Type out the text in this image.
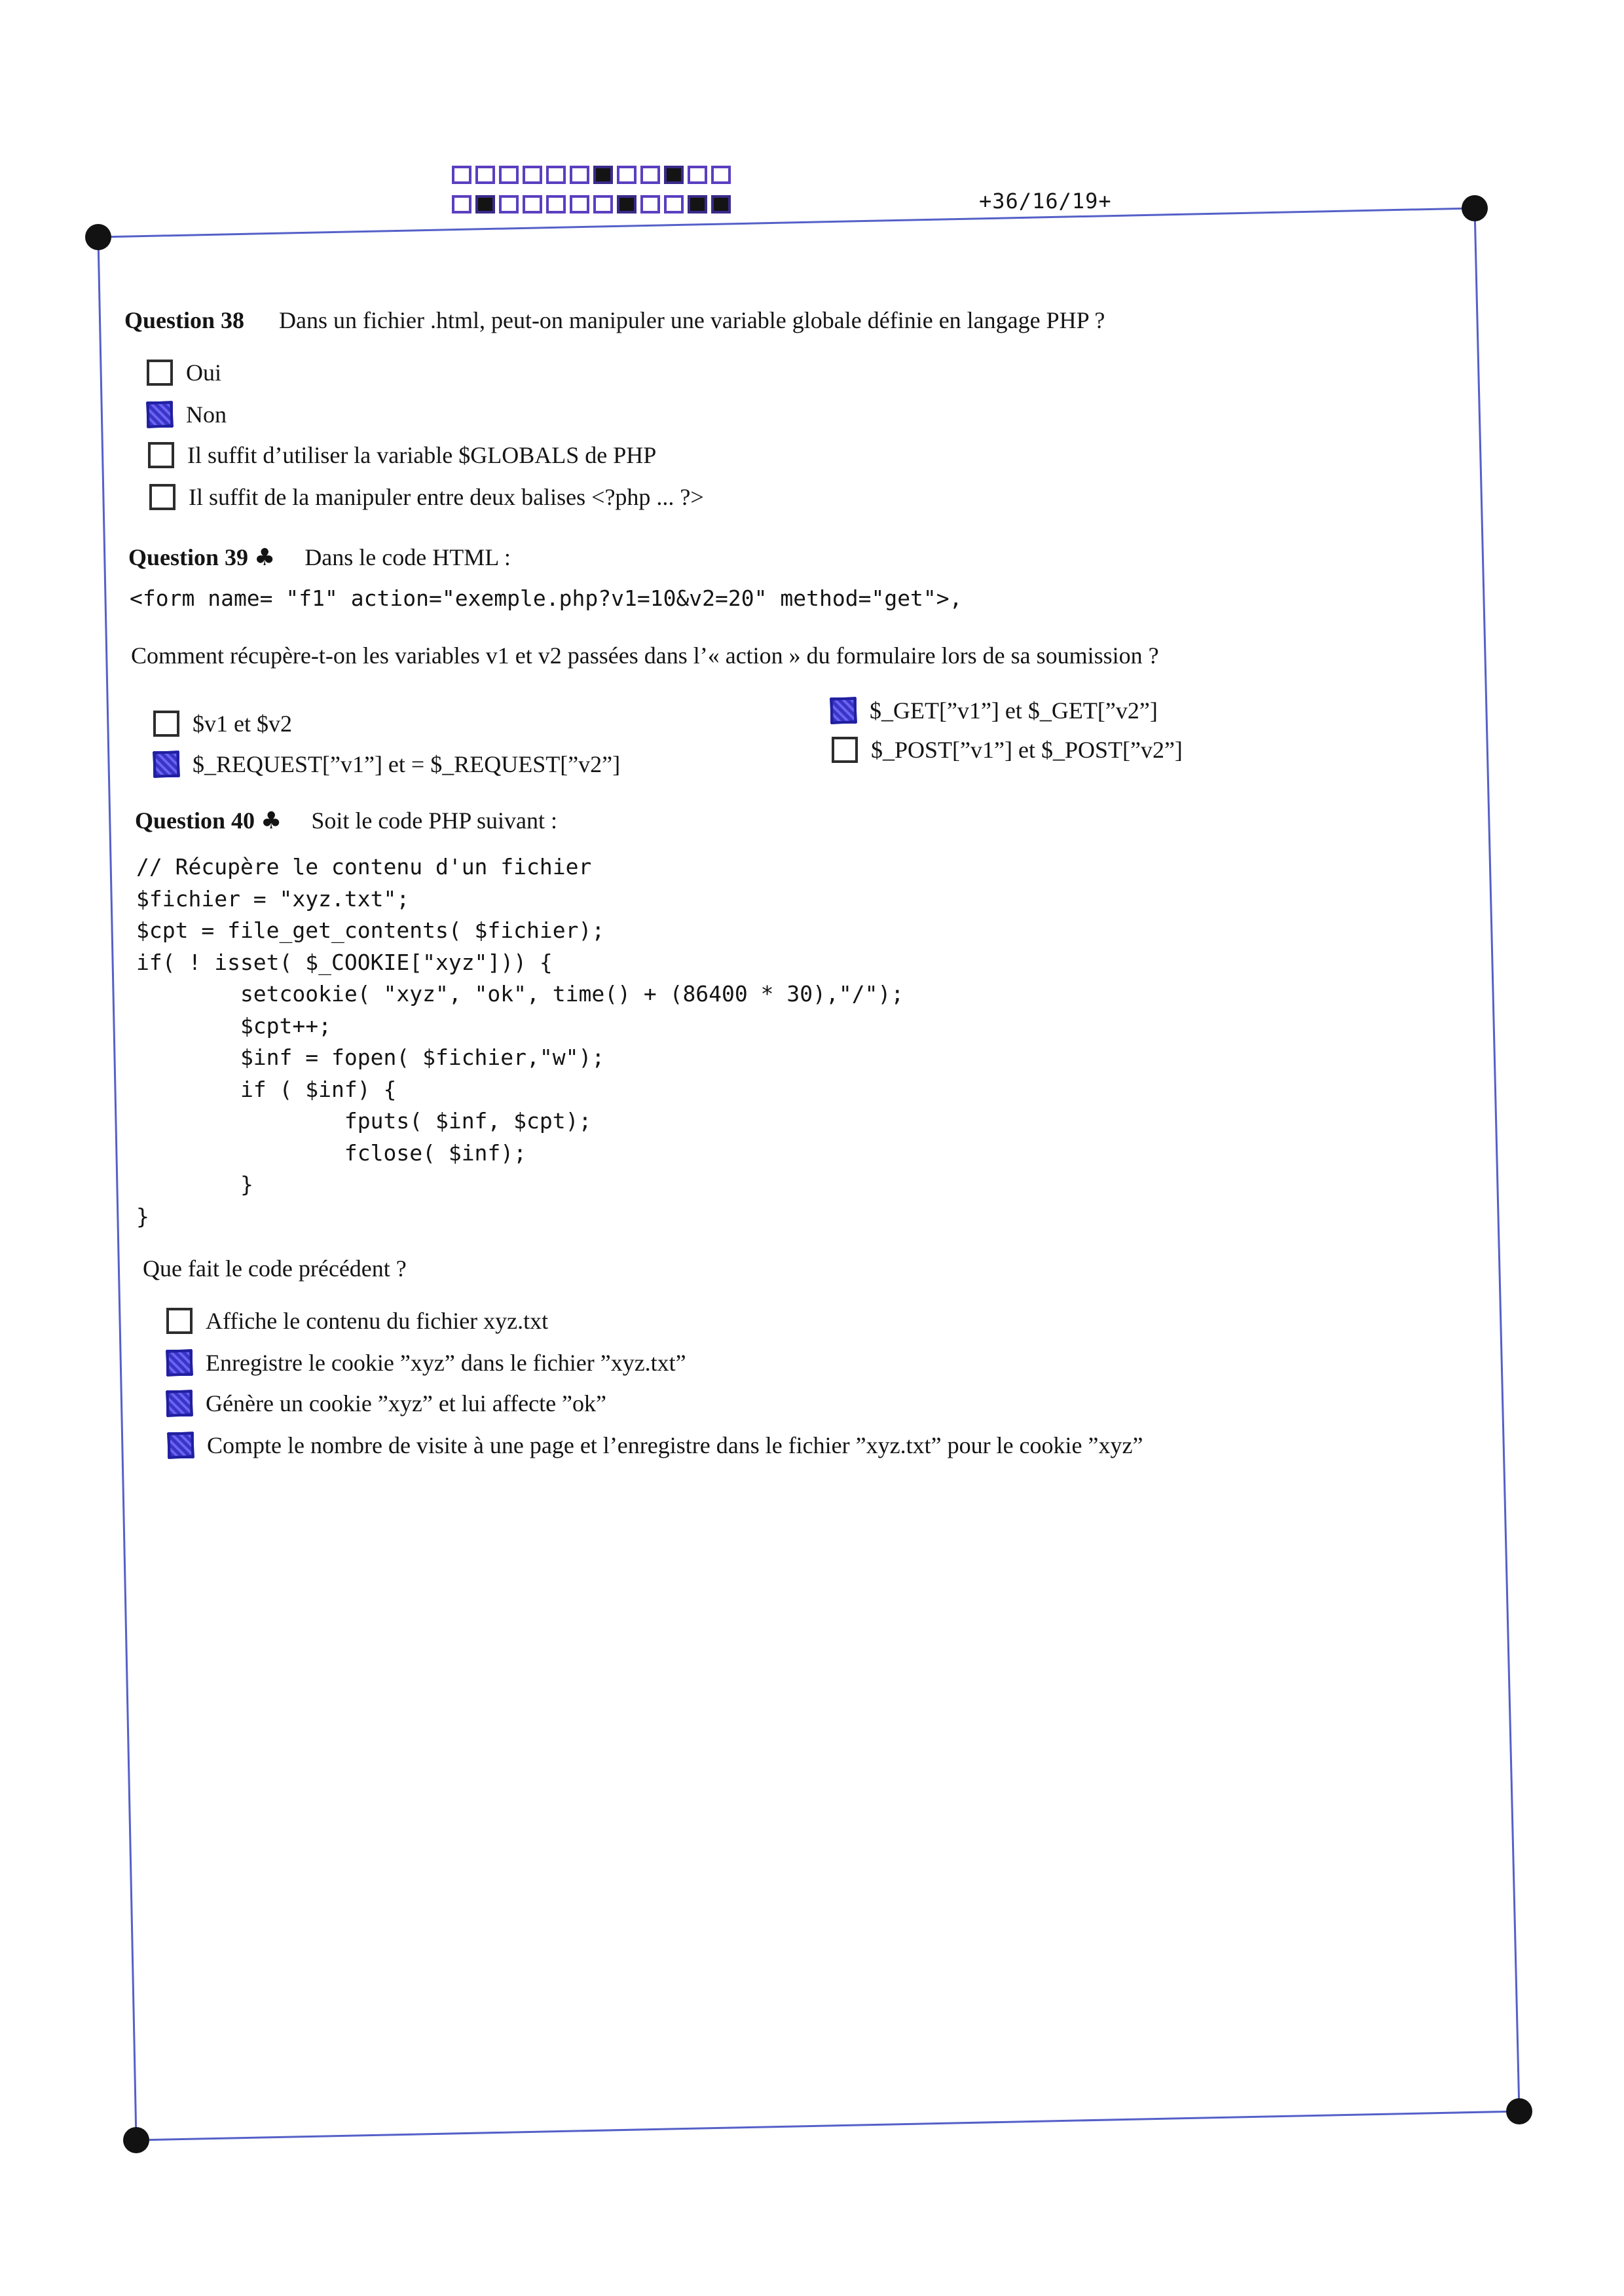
+36/16/19+
Question 38 Dans un fichier .html, peut-on manipuler une variable globale définie en langage PHP ?
Oui
Non
Il suffit d’utiliser la variable $GLOBALS de PHP
Il suffit de la manipuler entre deux balises <?php ... ?>
Question 39 ♣ Dans le code HTML :
<form name= "f1" action="exemple.php?v1=10&v2=20" method="get">,
Comment récupère-t-on les variables v1 et v2 passées dans l’« action » du formulaire lors de sa soumission ?
$v1 et $v2
$_REQUEST[”v1”] et = $_REQUEST[”v2”]
$_GET[”v1”] et $_GET[”v2”]
$_POST[”v1”] et $_POST[”v2”]
Question 40 ♣ Soit le code PHP suivant :
// Récupère le contenu d'un fichier
$fichier = "xyz.txt";
$cpt = file_get_contents( $fichier);
if( ! isset( $_COOKIE["xyz"])) {
setcookie( "xyz", "ok", time() + (86400 * 30),"/");
$cpt++;
$inf = fopen( $fichier,"w");
if ( $inf) {
fputs( $inf, $cpt);
fclose( $inf);
}
}
Que fait le code précédent ?
Affiche le contenu du fichier xyz.txt
Enregistre le cookie ”xyz” dans le fichier ”xyz.txt”
Génère un cookie ”xyz” et lui affecte ”ok”
Compte le nombre de visite à une page et l’enregistre dans le fichier ”xyz.txt” pour le cookie ”xyz”
